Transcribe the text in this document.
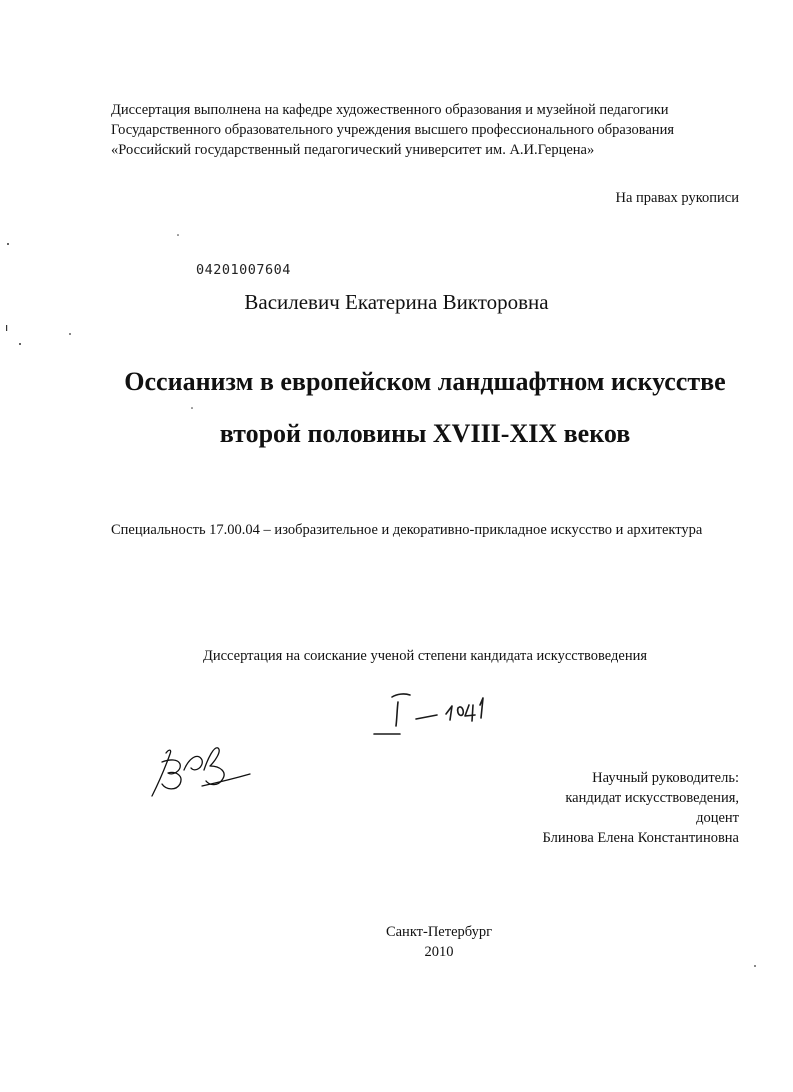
Диссертация выполнена на кафедре художественного образования и музейной педагогики
Государственного образовательного учреждения высшего профессионального образования
«Российский государственный педагогический университет им. А.И.Герцена»

На правах рукописи

04201007604

Василевич Екатерина Викторовна

Оссианизм в европейском ландшафтном искусстве
второй половины XVIII-XIX веков

Специальность 17.00.04 – изобразительное и декоративно-прикладное искусство и архитектура

Диссертация на соискание ученой степени кандидата искусствоведения

Научный руководитель:
кандидат искусствоведения,
доцент
Блинова Елена Константиновна
Санкт-Петербург
2010
